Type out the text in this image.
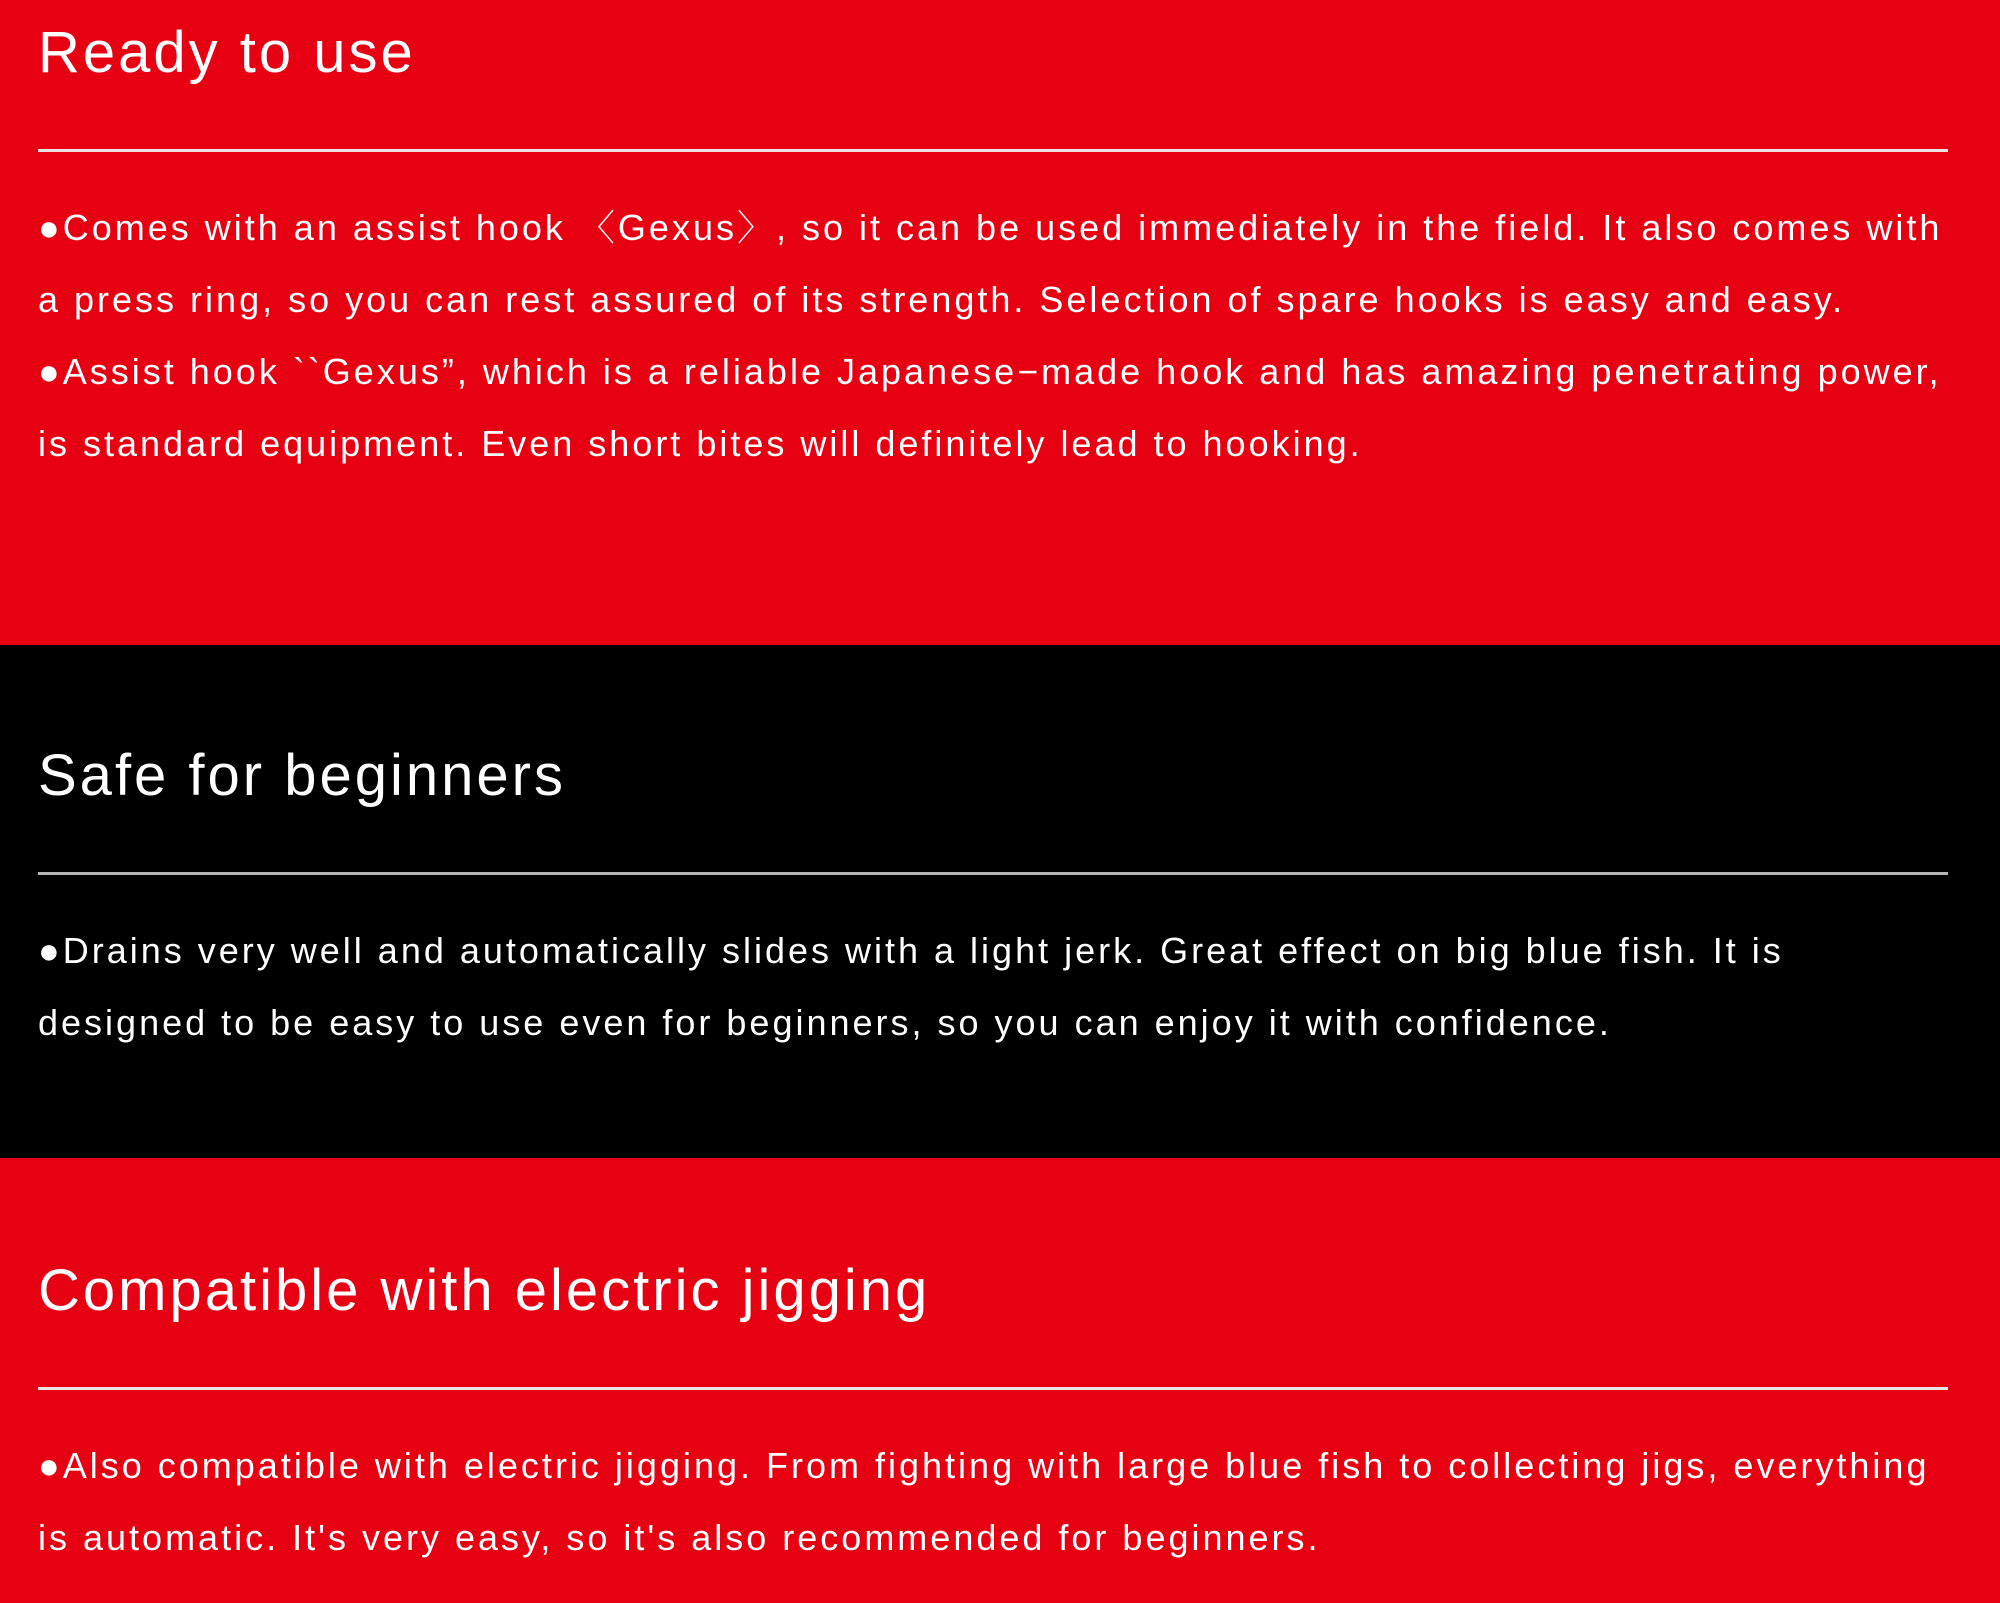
Ready to use

●Comes with an assist hook 〈Gexus〉, so it can be used immediately in the field. It also comes with a press ring, so you can rest assured of its strength. Selection of spare hooks is easy and easy.

●Assist hook ``Gexus”, which is a reliable Japanese−made hook and has amazing penetrating power, is standard equipment. Even short bites will definitely lead to hooking.

Safe for beginners

●Drains very well and automatically slides with a light jerk. Great effect on big blue fish. It is designed to be easy to use even for beginners, so you can enjoy it with confidence.

Compatible with electric jigging

●Also compatible with electric jigging. From fighting with large blue fish to collecting jigs, everything is automatic. It's very easy, so it's also recommended for beginners.
